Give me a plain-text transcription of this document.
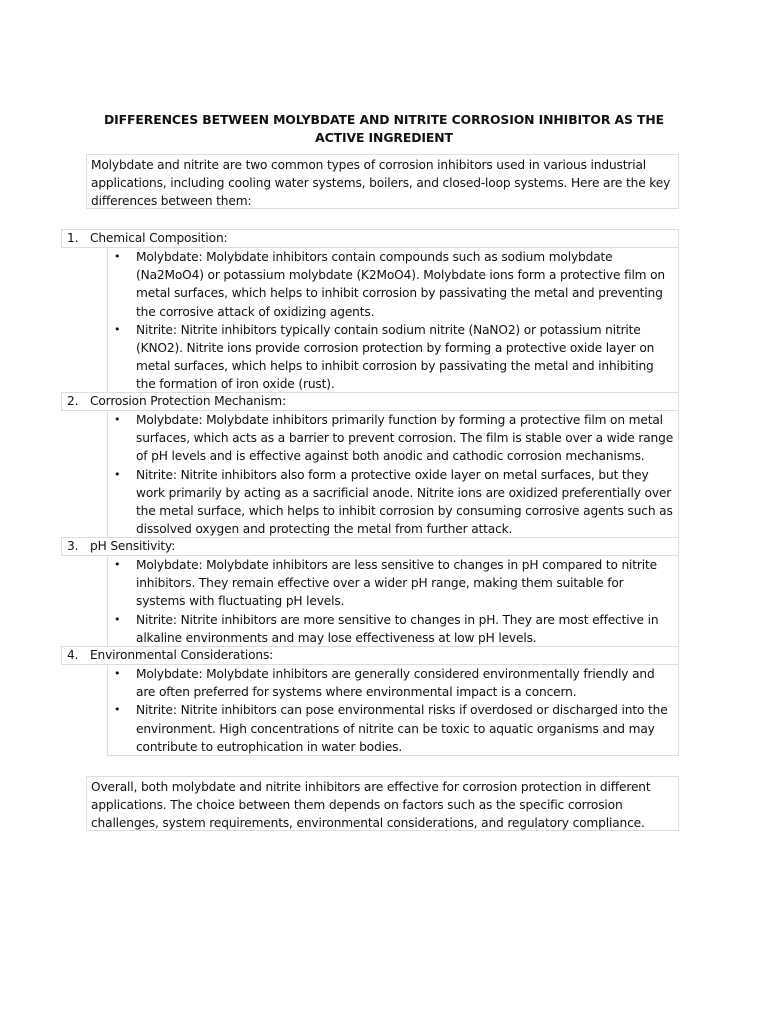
DIFFERENCES BETWEEN MOLYBDATE AND NITRITE CORROSION INHIBITOR AS THE ACTIVE INGREDIENT
Molybdate and nitrite are two common types of corrosion inhibitors used in various industrial applications, including cooling water systems, boilers, and closed-loop systems. Here are the key differences between them:
1. Chemical Composition:
• Molybdate: Molybdate inhibitors contain compounds such as sodium molybdate (Na2MoO4) or potassium molybdate (K2MoO4). Molybdate ions form a protective film on metal surfaces, which helps to inhibit corrosion by passivating the metal and preventing the corrosive attack of oxidizing agents.
• Nitrite: Nitrite inhibitors typically contain sodium nitrite (NaNO2) or potassium nitrite (KNO2). Nitrite ions provide corrosion protection by forming a protective oxide layer on metal surfaces, which helps to inhibit corrosion by passivating the metal and inhibiting the formation of iron oxide (rust).
2. Corrosion Protection Mechanism:
• Molybdate: Molybdate inhibitors primarily function by forming a protective film on metal surfaces, which acts as a barrier to prevent corrosion. The film is stable over a wide range of pH levels and is effective against both anodic and cathodic corrosion mechanisms.
• Nitrite: Nitrite inhibitors also form a protective oxide layer on metal surfaces, but they work primarily by acting as a sacrificial anode. Nitrite ions are oxidized preferentially over the metal surface, which helps to inhibit corrosion by consuming corrosive agents such as dissolved oxygen and protecting the metal from further attack.
3. pH Sensitivity:
• Molybdate: Molybdate inhibitors are less sensitive to changes in pH compared to nitrite inhibitors. They remain effective over a wider pH range, making them suitable for systems with fluctuating pH levels.
• Nitrite: Nitrite inhibitors are more sensitive to changes in pH. They are most effective in alkaline environments and may lose effectiveness at low pH levels.
4. Environmental Considerations:
• Molybdate: Molybdate inhibitors are generally considered environmentally friendly and are often preferred for systems where environmental impact is a concern.
• Nitrite: Nitrite inhibitors can pose environmental risks if overdosed or discharged into the environment. High concentrations of nitrite can be toxic to aquatic organisms and may contribute to eutrophication in water bodies.
Overall, both molybdate and nitrite inhibitors are effective for corrosion protection in different applications. The choice between them depends on factors such as the specific corrosion challenges, system requirements, environmental considerations, and regulatory compliance.
